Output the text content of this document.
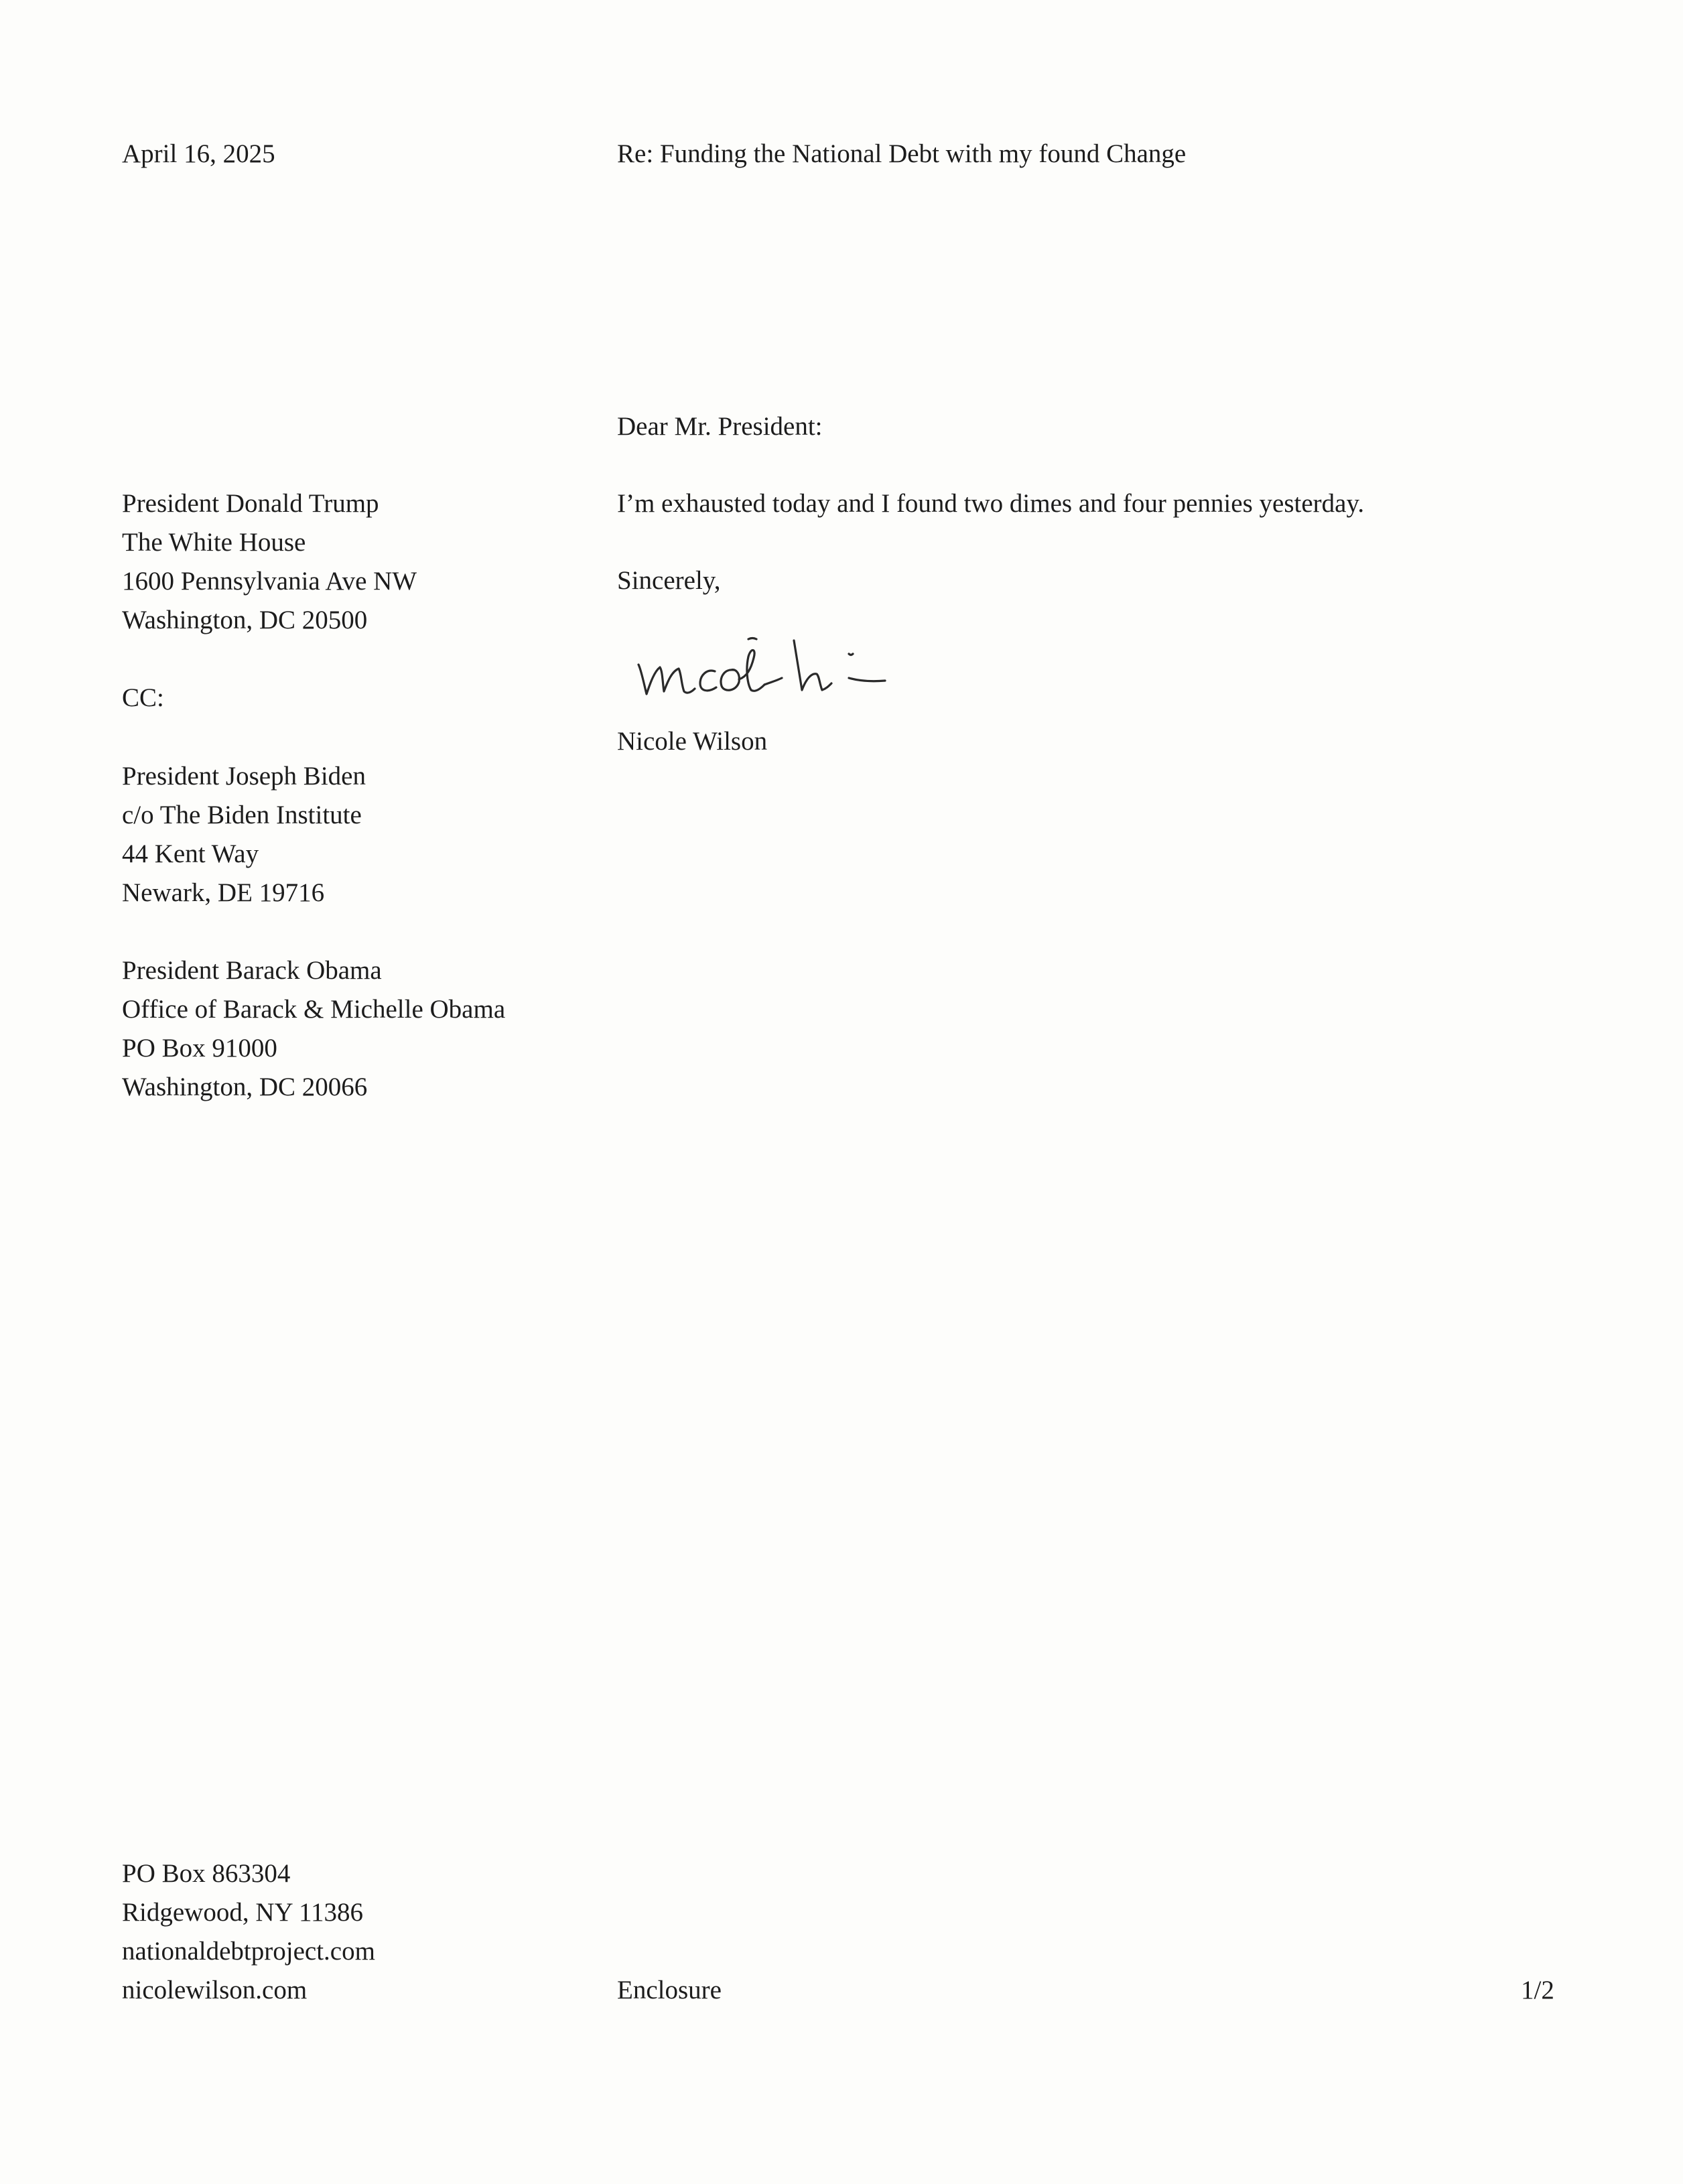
April 16, 2025	Re: Funding the National Debt with my found Change
Dear Mr. President:
President Donald Trump
The White House
1600 Pennsylvania Ave NW
Washington, DC 20500
I’m exhausted today and I found two dimes and four pennies yesterday.
Sincerely,
Nicole Wilson
CC:
President Joseph Biden
c/o The Biden Institute
44 Kent Way
Newark, DE 19716
President Barack Obama
Office of Barack & Michelle Obama
PO Box 91000
Washington, DC 20066
PO Box 863304
Ridgewood, NY 11386
nationaldebtproject.com
nicolewilson.com	Enclosure	1/2
